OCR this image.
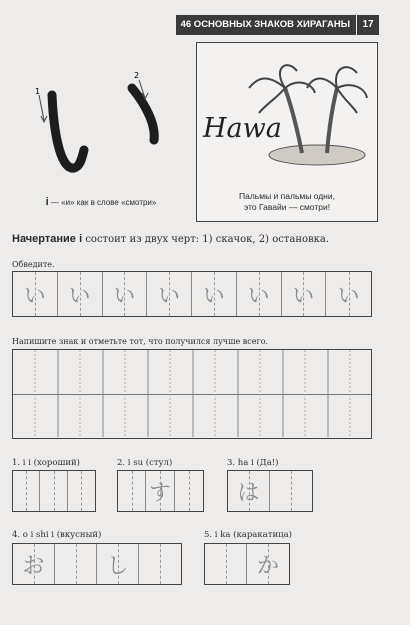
46 ОСНОВНЫХ ЗНАКОВ ХИРАГАНЫ	17
1
2
i — «и» как в слове «смотри»
Hawa
Пальмы и пальмы одни,
это Гавайи — смотри!
Начертание i состоит из двух черт: 1) скачок, 2) остановка.
Обведите.
い	い	い	い	い	い	い	い
Напишите знак и отметьте тот, что получился лучше всего.
1. i i (хороший)	2. i su (стул)
す
3. ha i (Да!)
は
4. o i shi i (вкусный)
お	し
5. i ka (каракатица)
か
